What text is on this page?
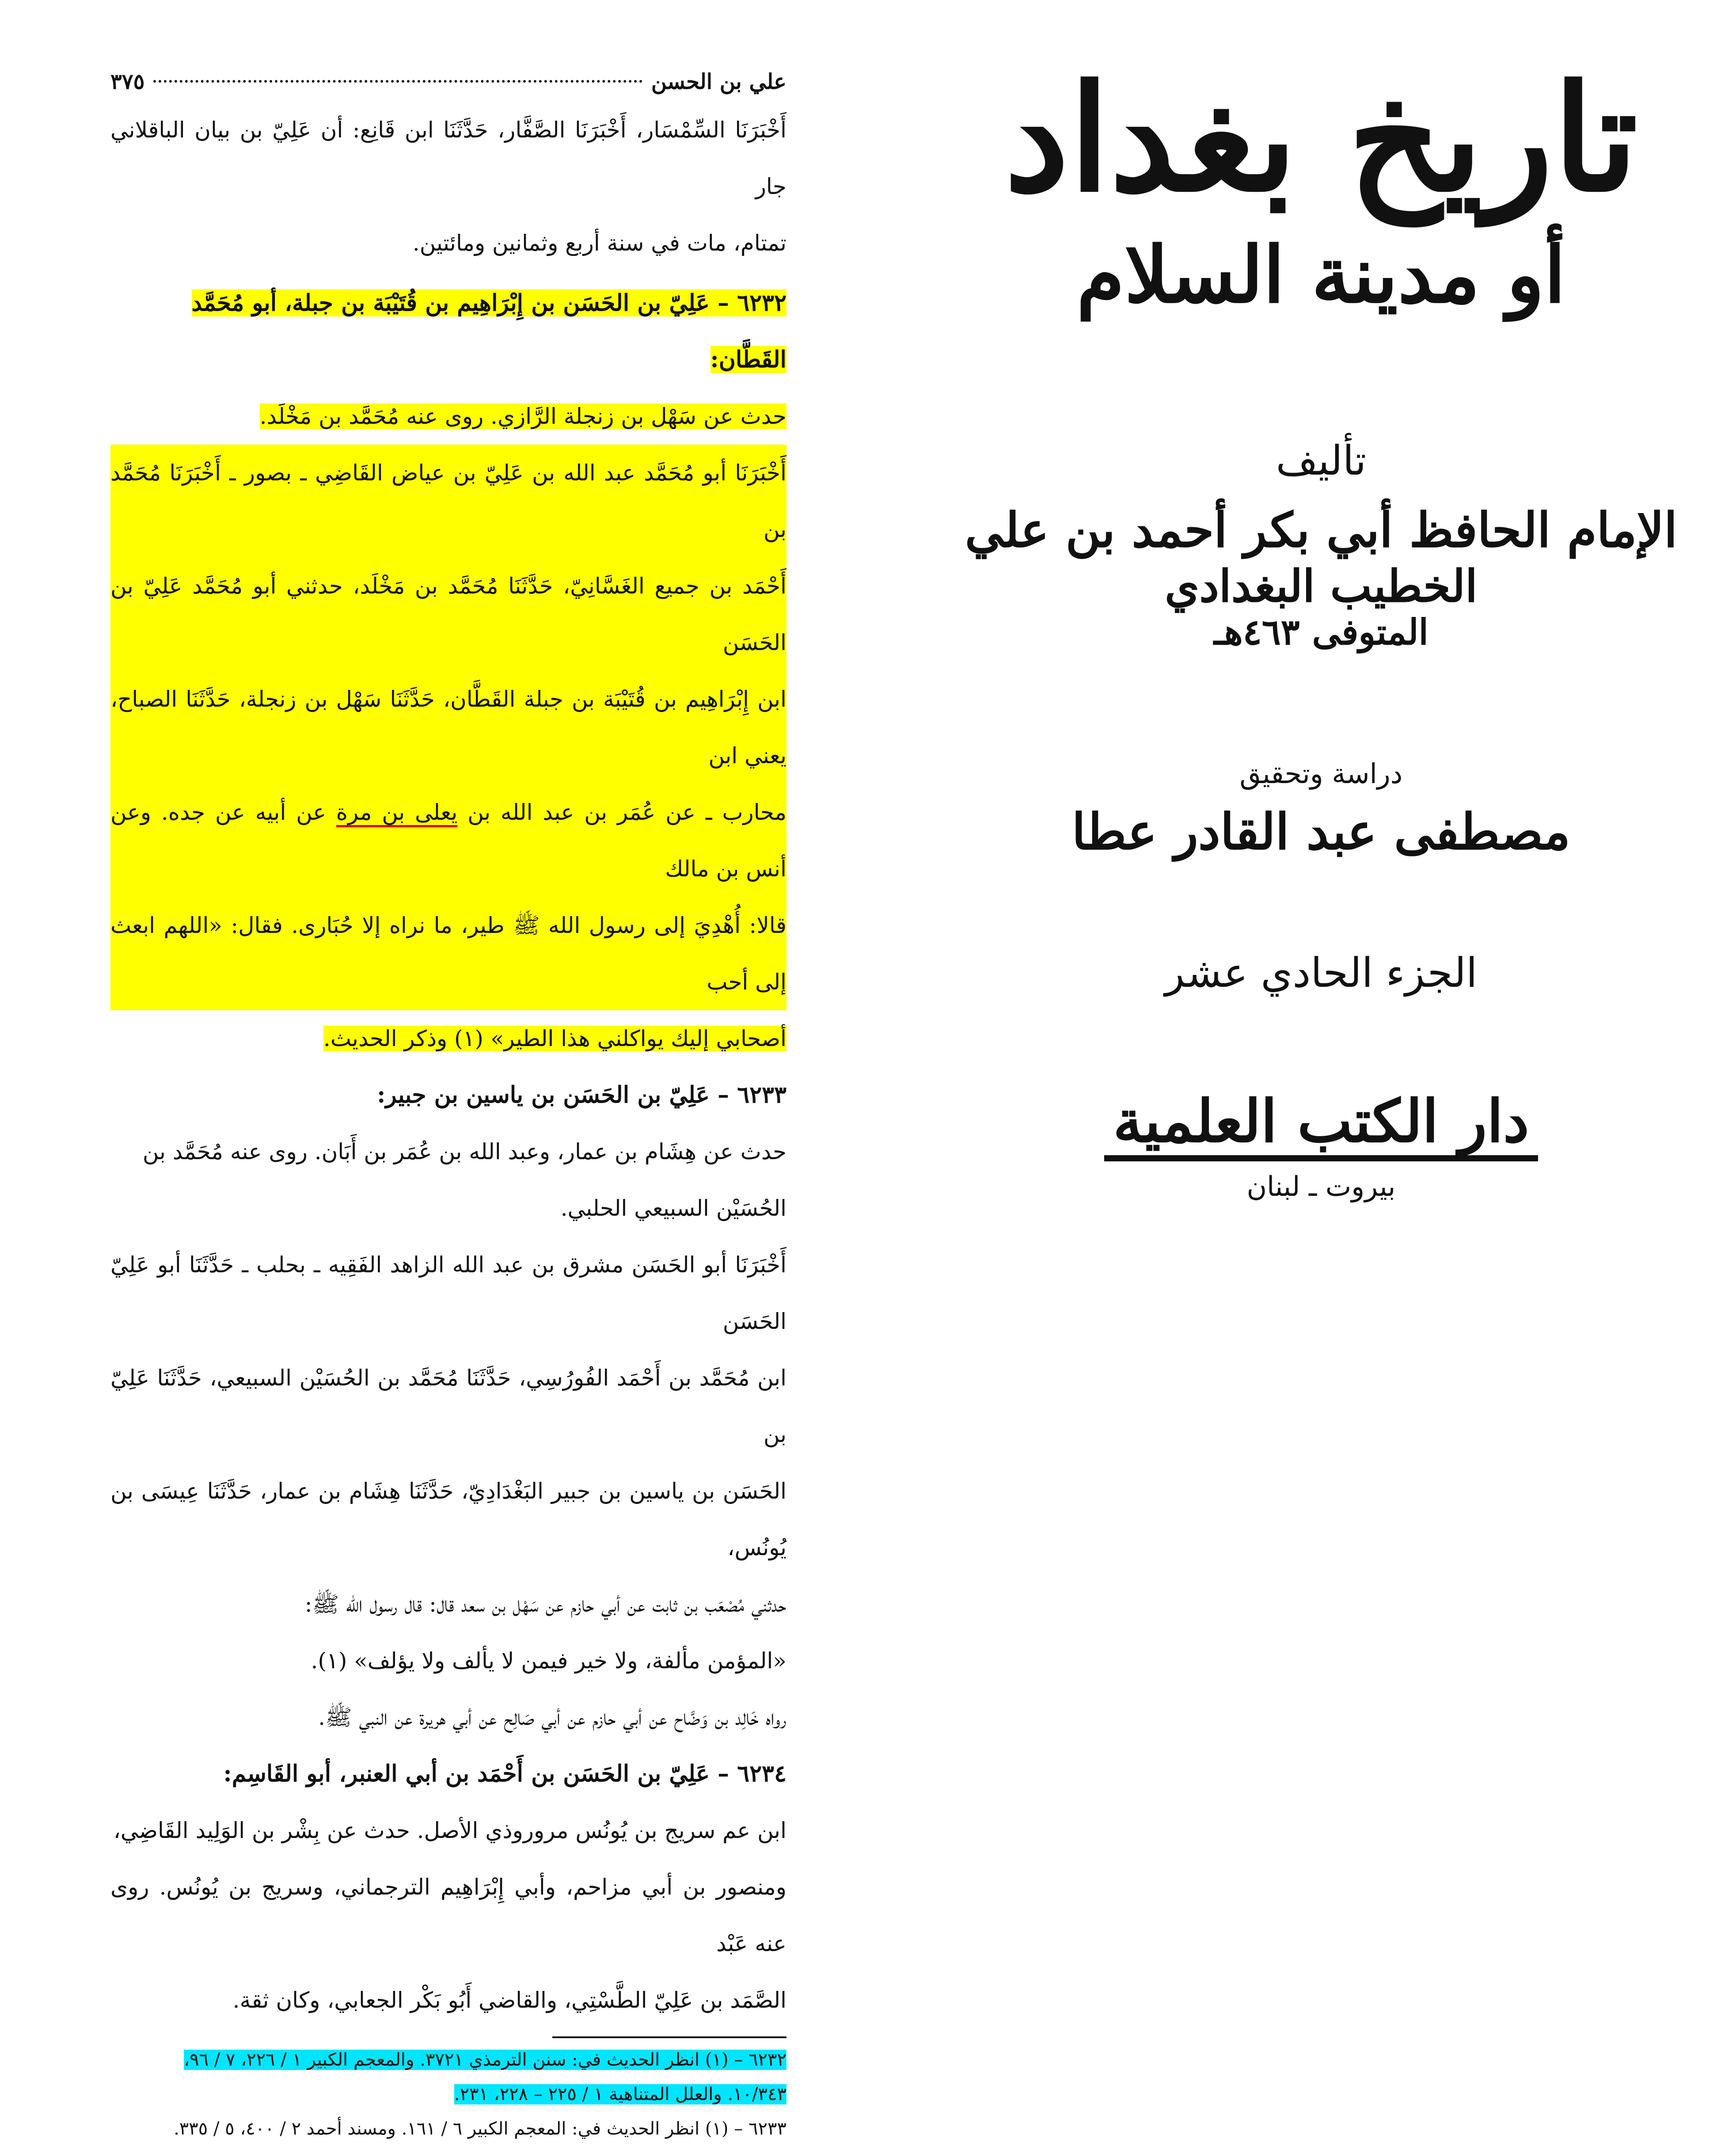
تاريخ بغداد
أو مدينة السلام
تأليف
الإمام الحافظ أبي بكر أحمد بن علي
الخطيب البغدادي
المتوفى ٤٦٣هـ
دراسة وتحقيق
مصطفى عبد القادر عطا
الجزء الحادي عشر
دار الكتب العلمية
بيروت ـ لبنان
علي بن الحسن
٣٧٥
أَخْبَرَنَا السِّمْسَار، أَخْبَرَنَا الصَّفَّار، حَدَّثَنَا ابن قَانِع: أن عَلِيّ بن بيان الباقلاني جار
تمتام، مات في سنة أربع وثمانين ومائتين.
٦٢٣٢ – عَلِيّ بن الحَسَن بن إِبْرَاهِيم بن قُتَيْبَة بن جبلة، أبو مُحَمَّد القَطَّان:
حدث عن سَهْل بن زنجلة الرَّازي. روى عنه مُحَمَّد بن مَخْلَد.
أَخْبَرَنَا أبو مُحَمَّد عبد الله بن عَلِيّ بن عياض القَاضِي ـ بصور ـ أَخْبَرَنَا مُحَمَّد بن
أَحْمَد بن جميع الغَسَّانِيّ، حَدَّثَنَا مُحَمَّد بن مَخْلَد، حدثني أبو مُحَمَّد عَلِيّ بن الحَسَن
ابن إِبْرَاهِيم بن قُتَيْبَة بن جبلة القَطَّان، حَدَّثَنَا سَهْل بن زنجلة، حَدَّثَنَا الصباح، يعني ابن
محارب ـ عن عُمَر بن عبد الله بن يعلى بن مرة عن أبيه عن جده. وعن أنس بن مالك
قالا: أُهْدِيَ إلى رسول الله ﷺ طير، ما نراه إلا حُبَارى. فقال: «اللهم ابعث إلى أحب
أصحابي إليك يواكلني هذا الطير» (١) وذكر الحديث.
٦٢٣٣ – عَلِيّ بن الحَسَن بن ياسين بن جبير:
حدث عن هِشَام بن عمار، وعبد الله بن عُمَر بن أَبَان. روى عنه مُحَمَّد بن
الحُسَيْن السبيعي الحلبي.
أَخْبَرَنَا أبو الحَسَن مشرق بن عبد الله الزاهد الفَقِيه ـ بحلب ـ حَدَّثَنَا أبو عَلِيّ الحَسَن
ابن مُحَمَّد بن أَحْمَد الفُورُسِي، حَدَّثَنَا مُحَمَّد بن الحُسَيْن السبيعي، حَدَّثَنَا عَلِيّ بن
الحَسَن بن ياسين بن جبير البَغْدَادِيّ، حَدَّثَنَا هِشَام بن عمار، حَدَّثَنَا عِيسَى بن يُونُس،
حدثني مُصْعَب بن ثابت عن أبي حازم عن سَهْل بن سعد قال: قال رسول الله ﷺ:
«المؤمن مألفة، ولا خير فيمن لا يألف ولا يؤلف» (١).
رواه خَالِد بن وَضَّاح عن أبي حازم عن أبي صَالِح عن أبي هريرة عن النبي ﷺ.
٦٢٣٤ – عَلِيّ بن الحَسَن بن أَحْمَد بن أبي العنبر، أبو القَاسِم:
ابن عم سريج بن يُونُس مروروذي الأصل. حدث عن بِشْر بن الوَلِيد القَاضِي،
ومنصور بن أبي مزاحم، وأبي إِبْرَاهِيم الترجماني، وسريج بن يُونُس. روى عنه عَبْد
الصَّمَد بن عَلِيّ الطَّسْتِي، والقاضي أَبُو بَكْر الجعابي، وكان ثقة.
٦٢٣٢ – (١) انظر الحديث في: سنن الترمذي ٣٧٢١. والمعجم الكبير ١ / ٢٢٦، ٧ / ٩٦،
١٠/٣٤٣. والعلل المتناهية ١ / ٢٢٥ – ٢٢٨، ٢٣١.
٦٢٣٣ – (١) انظر الحديث في: المعجم الكبير ٦ / ١٦١. ومسند أحمد ٢ / ٤٠٠، ٥ / ٣٣٥.
